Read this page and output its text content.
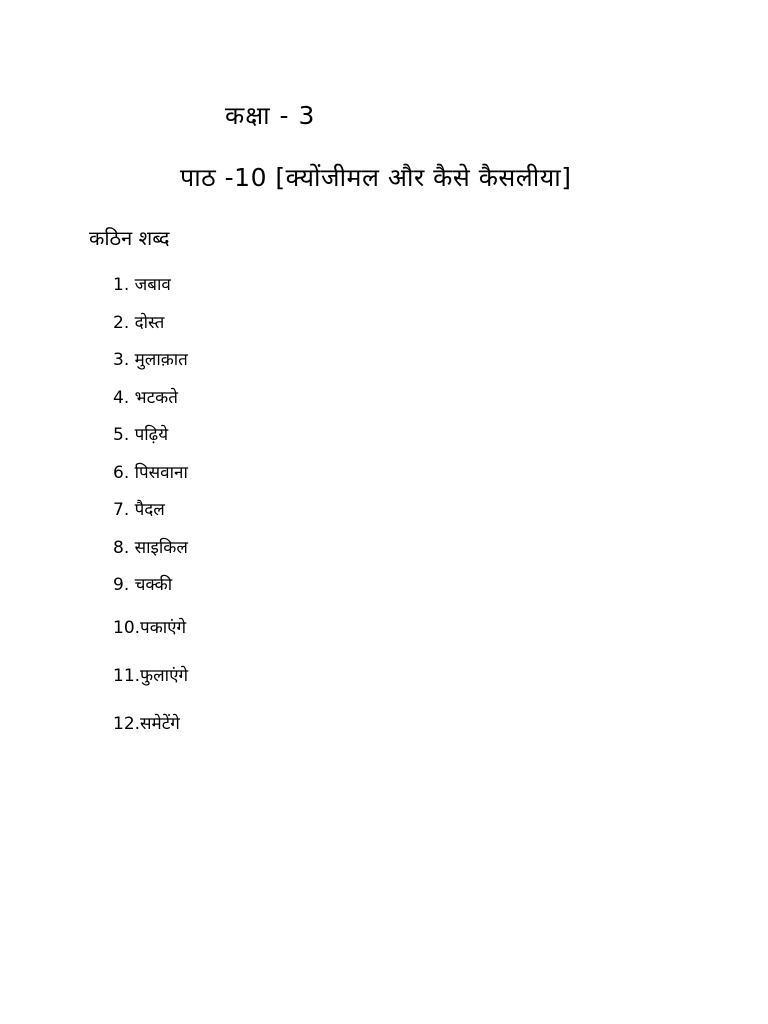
कक्षा - 3
पाठ -10 [क्योंजीमल और कैसे कैसलीया]
कठिन शब्द
1. जबाव
2. दोस्त
3. मुलाक़ात
4. भटकते
5. पढ़िये
6. पिसवाना
7. पैदल
8. साइकिल
9. चक्की
10.पकाएंगे
11.फुलाएंगे
12.समेटेंगे
